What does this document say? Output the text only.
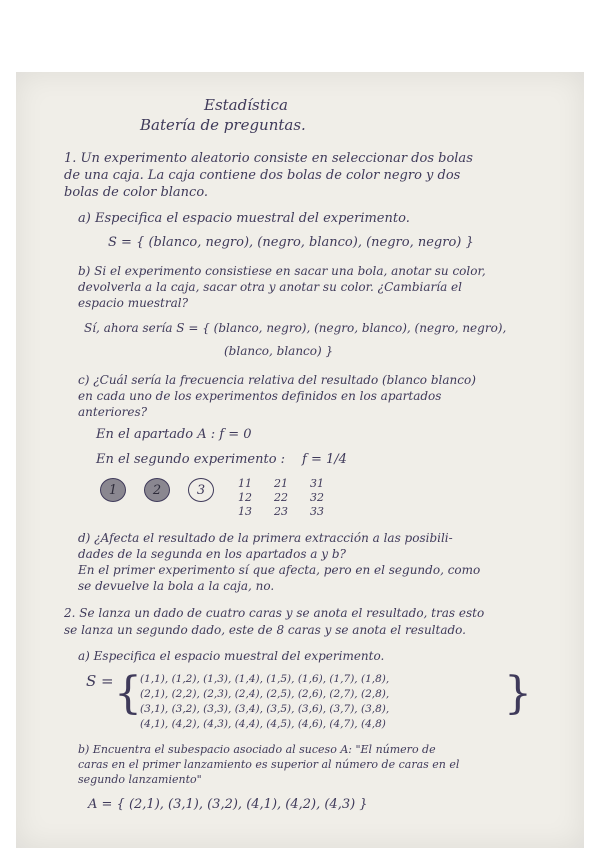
Estadística
Batería de preguntas.
1. Un experimento aleatorio consiste en seleccionar dos bolas
de una caja. La caja contiene dos bolas de color negro y dos
bolas de color blanco.
a) Especifica el espacio muestral del experimento.
S = { (blanco, negro), (negro, blanco), (negro, negro) }
b) Si el experimento consistiese en sacar una bola, anotar su color,
devolverla a la caja, sacar otra y anotar su color. ¿Cambiaría el
espacio muestral?
Sí, ahora sería S = { (blanco, negro), (negro, blanco), (negro, negro),
(blanco, blanco) }
c) ¿Cuál sería la frecuencia relativa del resultado (blanco blanco)
en cada uno de los experimentos definidos en los apartados
anteriores?
En el apartado A : f = 0
En el segundo experimento : f = 1/4
1	2	3	11 21 31
12 22 32
13 23 33
d) ¿Afecta el resultado de la primera extracción a las posibili-
dades de la segunda en los apartados a y b?
En el primer experimento sí que afecta, pero en el segundo, como
se devuelve la bola a la caja, no.
2. Se lanza un dado de cuatro caras y se anota el resultado, tras esto
se lanza un segundo dado, este de 8 caras y se anota el resultado.
a) Especifica el espacio muestral del experimento.
S = {
(1,1), (1,2), (1,3), (1,4), (1,5), (1,6), (1,7), (1,8),
(2,1), (2,2), (2,3), (2,4), (2,5), (2,6), (2,7), (2,8),
(3,1), (3,2), (3,3), (3,4), (3,5), (3,6), (3,7), (3,8),
(4,1), (4,2), (4,3), (4,4), (4,5), (4,6), (4,7), (4,8)
}
b) Encuentra el subespacio asociado al suceso A: "El número de
caras en el primer lanzamiento es superior al número de caras en el
segundo lanzamiento"
A = { (2,1), (3,1), (3,2), (4,1), (4,2), (4,3) }
